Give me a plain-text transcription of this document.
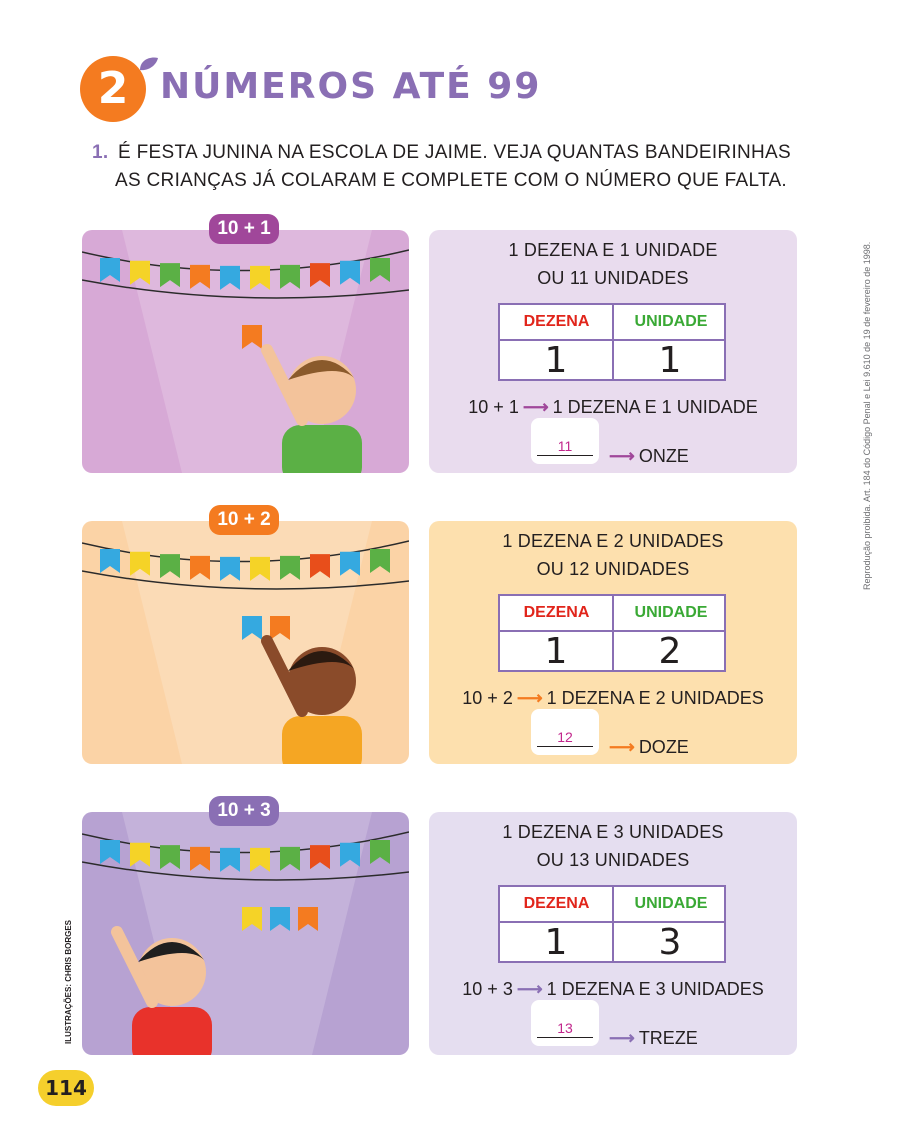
2 NÚMEROS ATÉ 99
1. É FESTA JUNINA NA ESCOLA DE JAIME. VEJA QUANTAS BANDEIRINHAS
AS CRIANÇAS JÁ COLARAM E COMPLETE COM O NÚMERO QUE FALTA.
10 + 1
1 DEZENA E 1 UNIDADE
OU 11 UNIDADES
DEZENA	UNIDADE
1	1
10 + 1 ⟶ 1 DEZENA E 1 UNIDADE
11	⟶ ONZE
10 + 2
1 DEZENA E 2 UNIDADES
OU 12 UNIDADES
DEZENA	UNIDADE
1	2
10 + 2 ⟶ 1 DEZENA E 2 UNIDADES
12	⟶ DOZE
10 + 3
1 DEZENA E 3 UNIDADES
OU 13 UNIDADES
DEZENA	UNIDADE
1	3
10 + 3 ⟶ 1 DEZENA E 3 UNIDADES
13	⟶ TREZE
114
Reprodução proibida. Art. 184 do Código Penal e Lei 9.610 de 19 de fevereiro de 1998.
ILUSTRAÇÕES: CHRIS BORGES
